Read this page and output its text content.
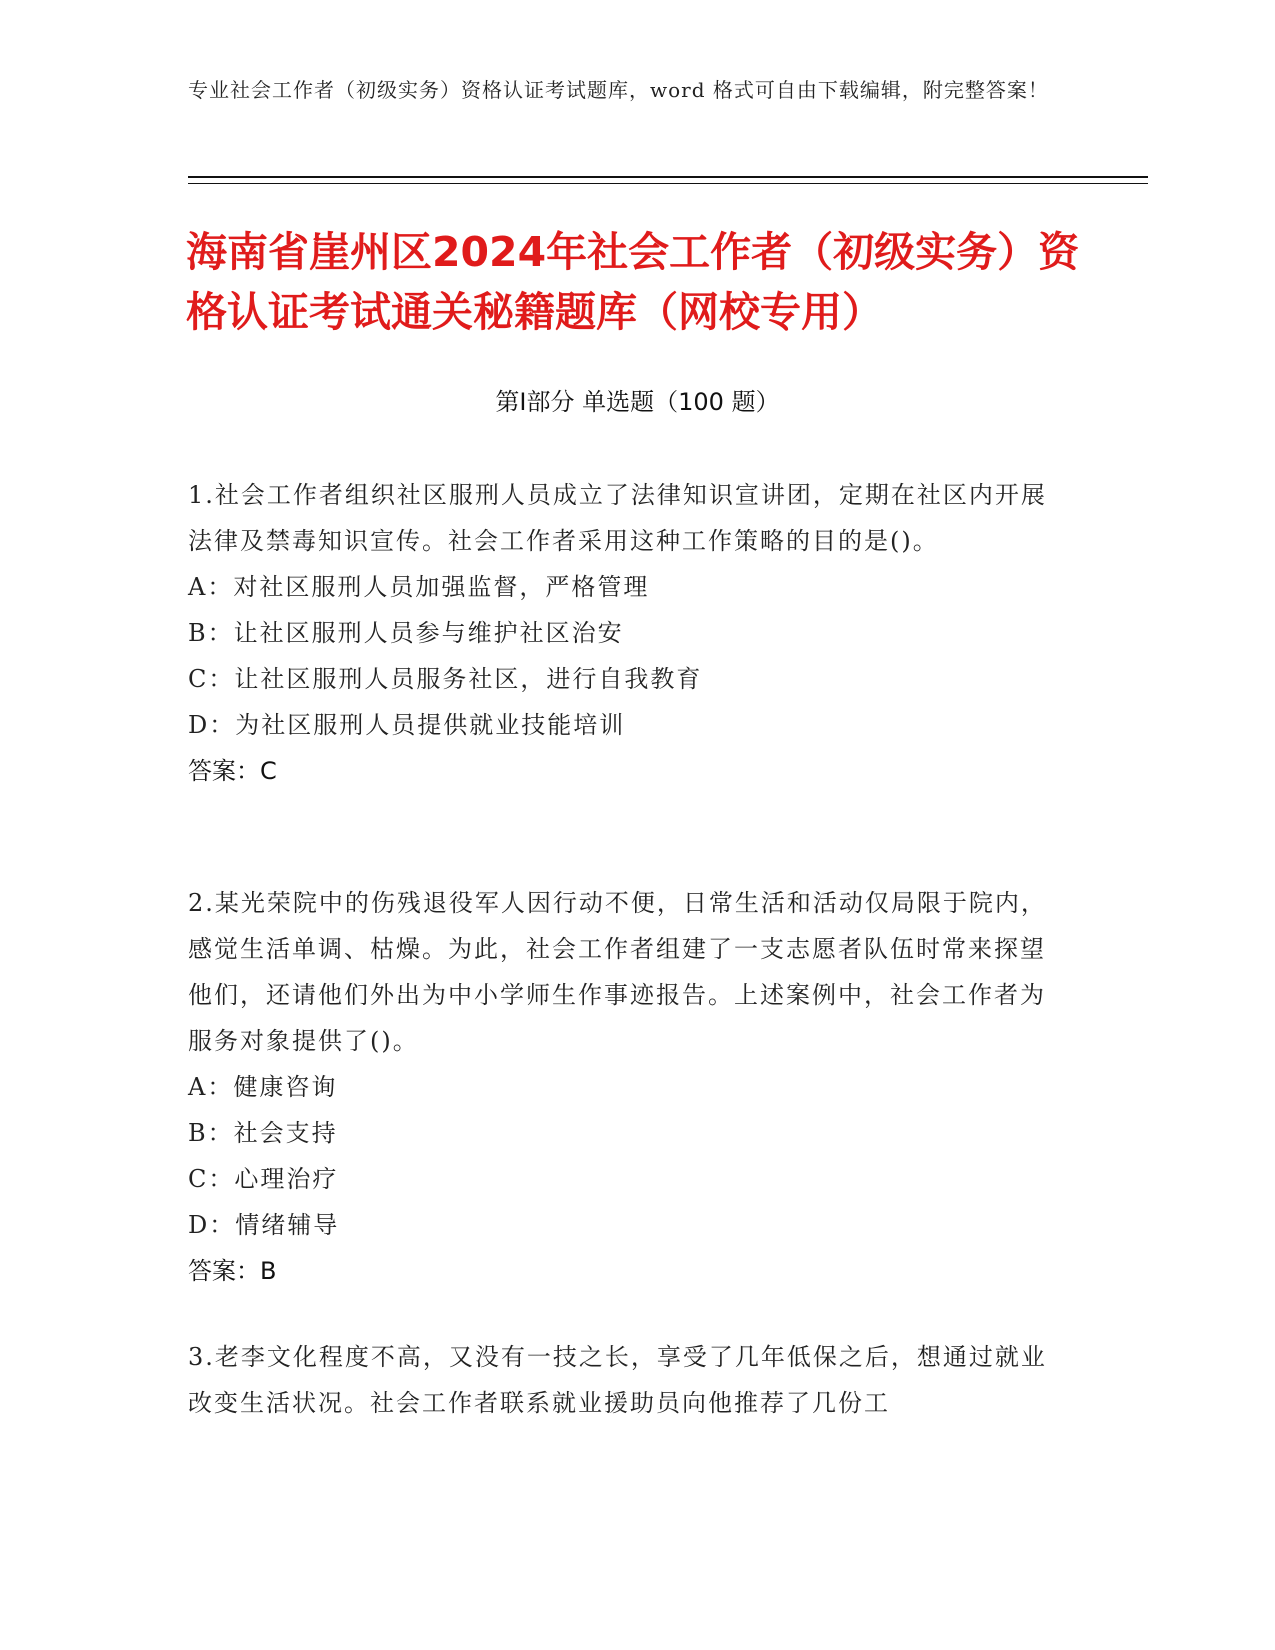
专业社会工作者（初级实务）资格认证考试题库，word 格式可自由下载编辑，附完整答案！
海南省崖州区2024年社会工作者（初级实务）资格认证考试通关秘籍题库（网校专用）
第Ⅰ部分 单选题（100 题）
1.社会工作者组织社区服刑人员成立了法律知识宣讲团，定期在社区内开展法律及禁毒知识宣传。社会工作者采用这种工作策略的目的是()。
A：对社区服刑人员加强监督，严格管理
B：让社区服刑人员参与维护社区治安
C：让社区服刑人员服务社区，进行自我教育
D：为社区服刑人员提供就业技能培训
答案：C
2.某光荣院中的伤残退役军人因行动不便，日常生活和活动仅局限于院内，感觉生活单调、枯燥。为此，社会工作者组建了一支志愿者队伍时常来探望他们，还请他们外出为中小学师生作事迹报告。上述案例中，社会工作者为服务对象提供了()。
A：健康咨询
B：社会支持
C：心理治疗
D：情绪辅导
答案：B
3.老李文化程度不高，又没有一技之长，享受了几年低保之后，想通过就业改变生活状况。社会工作者联系就业援助员向他推荐了几份工
